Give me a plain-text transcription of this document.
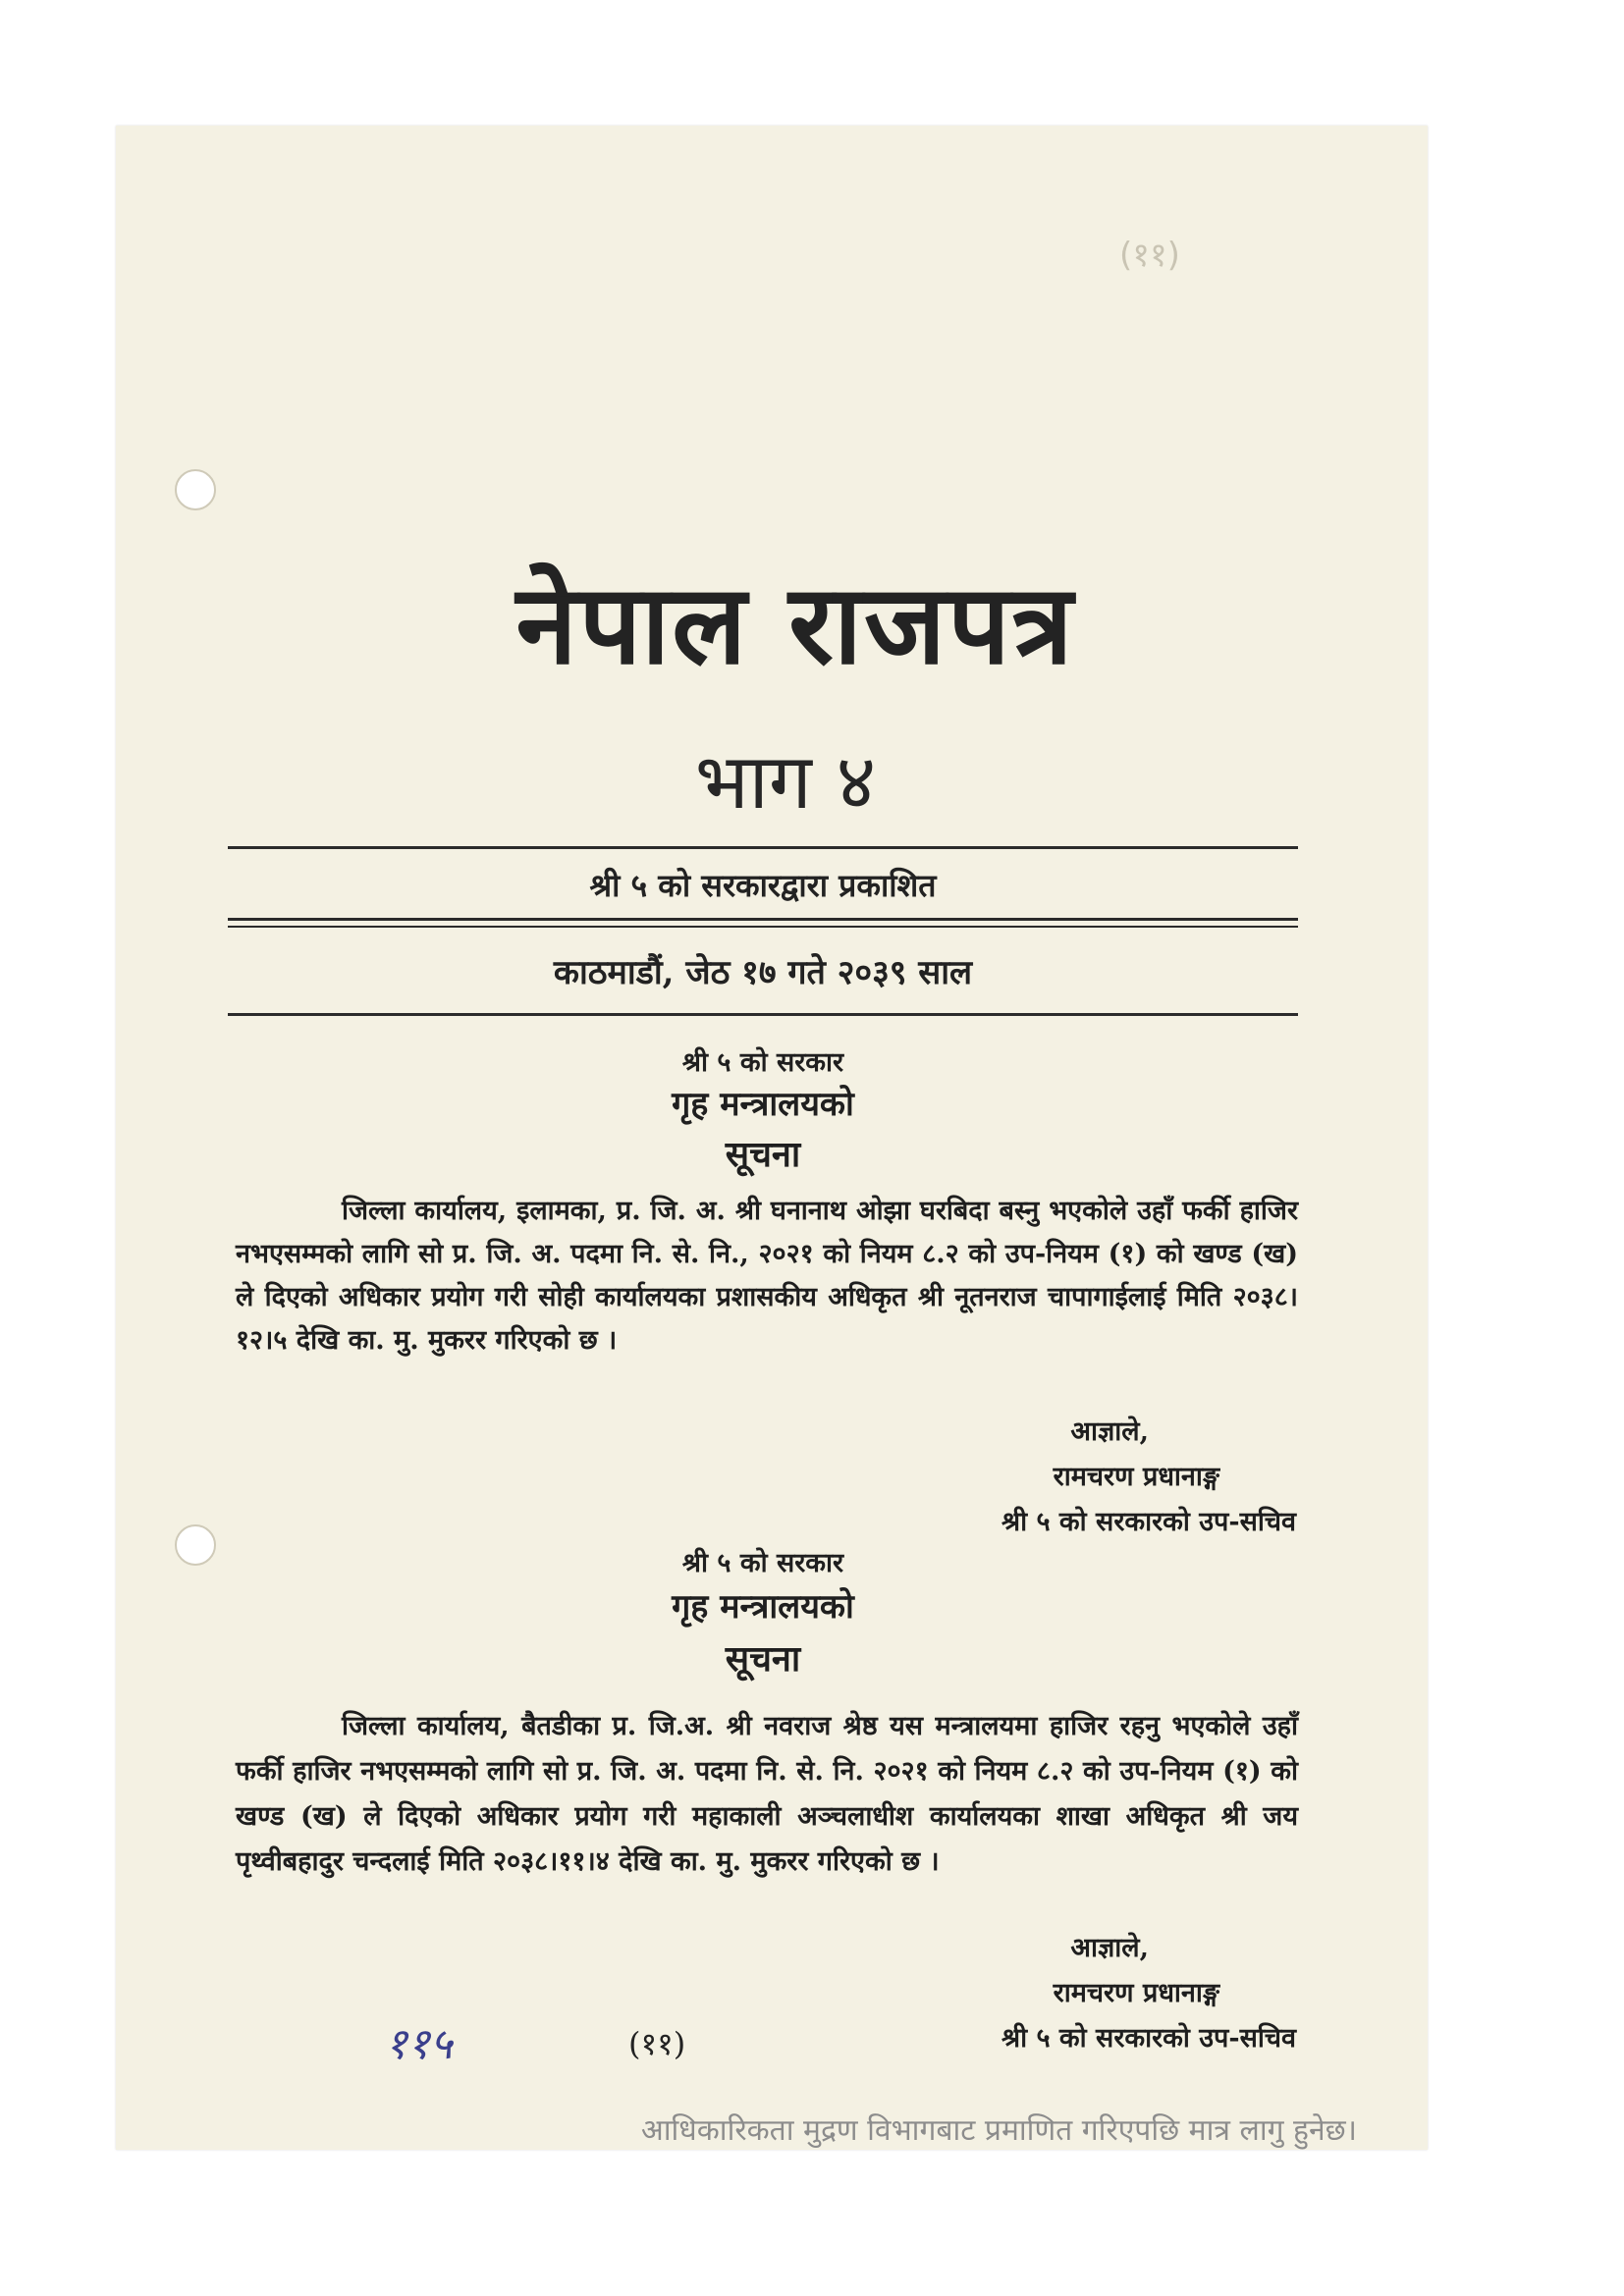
(११)
नेपाल राजपत्र
भाग ४
श्री ५ को सरकारद्वारा प्रकाशित
काठमाडौं, जेठ १७ गते २०३९ साल
श्री ५ को सरकार
गृह मन्त्रालयको
सूचना
जिल्ला कार्यालय, इलामका, प्र. जि. अ. श्री घनानाथ ओझा घरबिदा बस्नु भएकोले उहाँ फर्की हाजिर नभएसम्मको लागि सो प्र. जि. अ. पदमा नि. से. नि., २०२१ को नियम ८.२ को उप-नियम (१) को खण्ड (ख) ले दिएको अधिकार प्रयोग गरी सोही कार्यालयका प्रशासकीय अधिकृत श्री नूतनराज चापागाईलाई मिति २०३८।१२।५ देखि का. मु. मुकरर गरिएको छ ।
आज्ञाले,
रामचरण प्रधानाङ्ग
श्री ५ को सरकारको उप-सचिव
श्री ५ को सरकार
गृह मन्त्रालयको
सूचना
जिल्ला कार्यालय, बैतडीका प्र. जि.अ. श्री नवराज श्रेष्ठ यस मन्त्रालयमा हाजिर रहनु भएकोले उहाँ फर्की हाजिर नभएसम्मको लागि सो प्र. जि. अ. पदमा नि. से. नि. २०२१ को नियम ८.२ को उप-नियम (१) को खण्ड (ख) ले दिएको अधिकार प्रयोग गरी महाकाली अञ्चलाधीश कार्यालयका शाखा अधिकृत श्री जय पृथ्वीबहादुर चन्दलाई मिति २०३८।११।४ देखि का. मु. मुकरर गरिएको छ ।
आज्ञाले,
रामचरण प्रधानाङ्ग
श्री ५ को सरकारको उप-सचिव
११५	(११)
आधिकारिकता मुद्रण विभागबाट प्रमाणित गरिएपछि मात्र लागु हुनेछ।
